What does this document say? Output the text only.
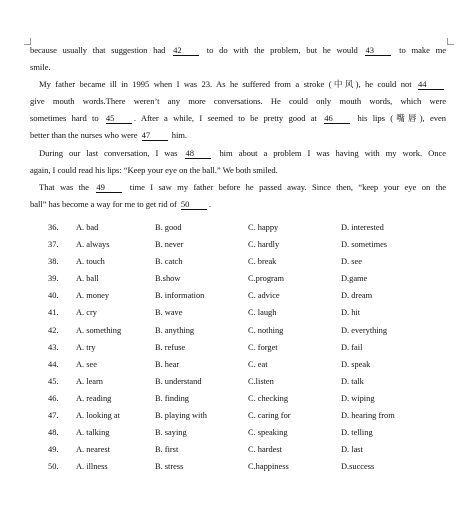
because usually that suggestion had 42 to do with the problem, but he would 43 to make me
smile.
My father became ill in 1995 when I was 23. As he suffered from a stroke (中风), he could not 44
give mouth words.There weren’t any more conversations. He could only mouth words, which were
sometimes hard to 45 . After a while, I seemed to be pretty good at 46 his lips (嘴唇), even
better than the nurses who were 47 him.
During our last conversation, I was 48 him about a problem I was having with my work. Once
again, I could read his lips: “Keep your eye on the ball.” We both smiled.
That was the 49 time I saw my father before he passed away. Since then, “keep your eye on the
ball” has become a way for me to get rid of 50 .
36. A. bad	B. good	C. happy	D. interested
37. A. always	B. never	C. hardly	D. sometimes
38. A. touch	B. catch	C. break	D. see
39. A. ball	B.show	C.program	D.game
40. A. money	B. information	C. advice	D. dream
41. A. cry	B. wave	C. laugh	D. hit
42. A. something	B. anything	C. nothing	D. everything
43. A. try	B. refuse	C. forget	D. fail
44. A. see	B. hear	C. eat	D. speak
45. A. learn	B. understand	C.listen	D. talk
46. A. reading	B. finding	C. checking	D. wiping
47. A. looking at	B. playing with	C. caring for	D. hearing from
48. A. talking	B. saying	C. speaking	D. telling
49. A. nearest	B. first	C. hardest	D. last
50. A. illness	B. stress	C.happiness	D.success
